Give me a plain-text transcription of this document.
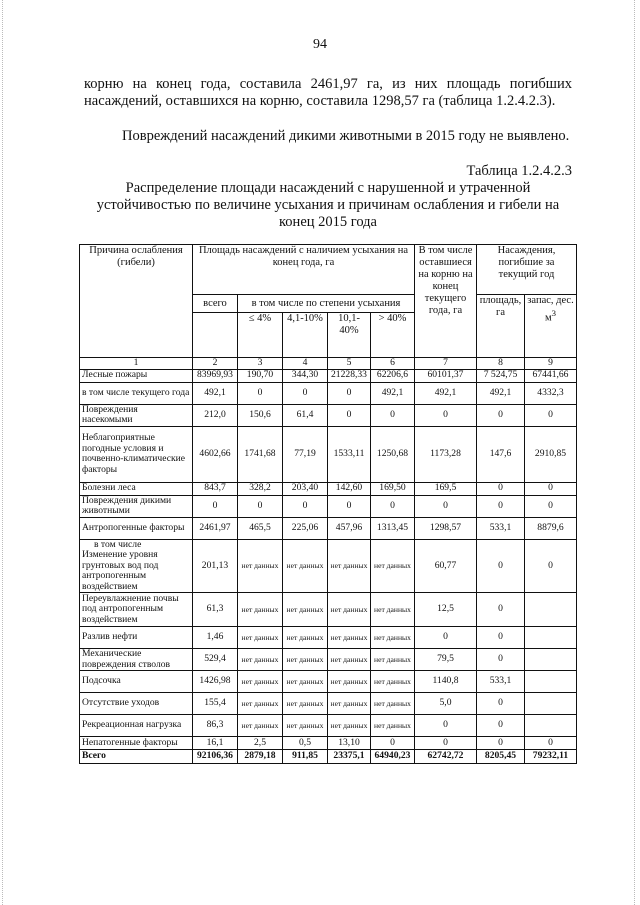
94
корню на конец года, составила 2461,97 га, из них площадь погибших насаждений, оставшихся на корню, составила 1298,57 га (таблица 1.2.4.2.3).
Повреждений насаждений дикими животными в 2015 году не выявлено.
Таблица 1.2.4.2.3
Распределение площади насаждений с нарушенной и утраченной устойчивостью по величине усыхания и причинам ослабления и гибели на конец 2015 года
Причина ослабления (гибели)	Площадь насаждений с наличием усыхания на конец года, га					В том числе оставшиеся на корню на конец текущего года, га	Насаждения, погибшие за текущий год	
	всего	в том числе по степени усыхания					площадь, га	запас, дес. $м^3$
		≤ 4%	4,1-10%	10,1-40%	> 40%			
1	2	3	4	5	6	7	8	9

Лесные пожары	83969,93	190,70	344,30	21228,33	62206,6	60101,37	7 524,75	67441,66

в том числе текущего года	492,1	0	0	0	492,1	492,1	492,1	4332,3

Повреждения насекомыми	212,0	150,6	61,4	0	0	0	0	0

Неблагоприятные погодные условия и почвенно-климатические факторы	4602,66	1741,68	77,19	1533,11	1250,68	1173,28	147,6	2910,85

Болезни леса	843,7	328,2	203,40	142,60	169,50	169,5	0	0

Повреждения дикими животными	0	0	0	0	0	0	0	0

Антропогенные факторы	2461,97	465,5	225,06	457,96	1313,45	1298,57	533,1	8879,6

в том числе
Изменение уровня грунтовых вод под антропогенным воздействием	201,13	нет данных	нет данных	нет данных	нет данных	60,77	0	0

Переувлажнение почвы под антропогенным воздействием	61,3	нет данных	нет данных	нет данных	нет данных	12,5	0	

Разлив нефти	1,46	нет данных	нет данных	нет данных	нет данных	0	0	

Механические повреждения стволов	529,4	нет данных	нет данных	нет данных	нет данных	79,5	0	

Подсочка	1426,98	нет данных	нет данных	нет данных	нет данных	1140,8	533,1	

Отсутствие уходов	155,4	нет данных	нет данных	нет данных	нет данных	5,0	0	

Рекреационная нагрузка	86,3	нет данных	нет данных	нет данных	нет данных	0	0	

Непатогенные факторы	16,1	2,5	0,5	13,10	0	0	0	0
Всего	92106,36	2879,18	911,85	23375,1	64940,23	62742,72	8205,45	79232,11
